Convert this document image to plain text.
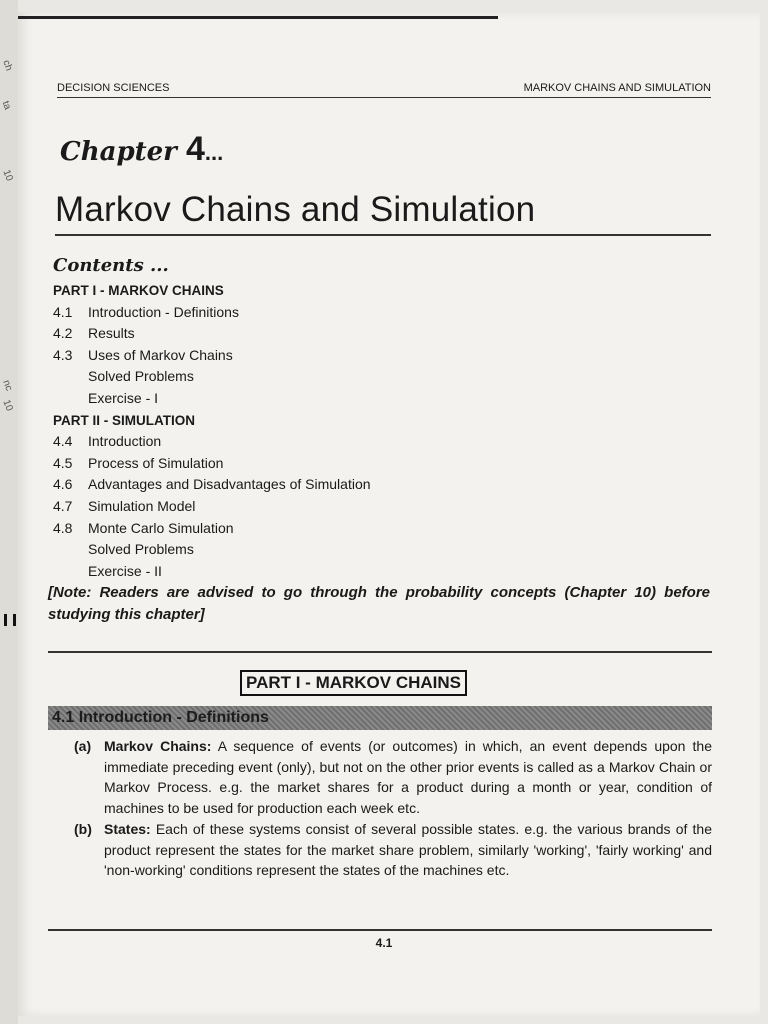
ch
ta
10
nc
10
DECISION SCIENCES	MARKOV CHAINS AND SIMULATION
Chapter 4...
Markov Chains and Simulation
Contents ...
PART I - MARKOV CHAINS
4.1 Introduction - Definitions
4.2 Results
4.3 Uses of Markov Chains
Solved Problems
Exercise - I
PART II - SIMULATION
4.4 Introduction
4.5 Process of Simulation
4.6 Advantages and Disadvantages of Simulation
4.7 Simulation Model
4.8 Monte Carlo Simulation
Solved Problems
Exercise - II
[Note: Readers are advised to go through the probability concepts (Chapter 10) before studying this chapter]
PART I - MARKOV CHAINS
4.1 Introduction - Definitions
(a) Markov Chains: A sequence of events (or outcomes) in which, an event depends upon the immediate preceding event (only), but not on the other prior events is called as a Markov Chain or Markov Process. e.g. the market shares for a product during a month or year, condition of machines to be used for production each week etc.
(b) States: Each of these systems consist of several possible states. e.g. the various brands of the product represent the states for the market share problem, similarly 'working', 'fairly working' and 'non-working' conditions represent the states of the machines etc.
4.1
